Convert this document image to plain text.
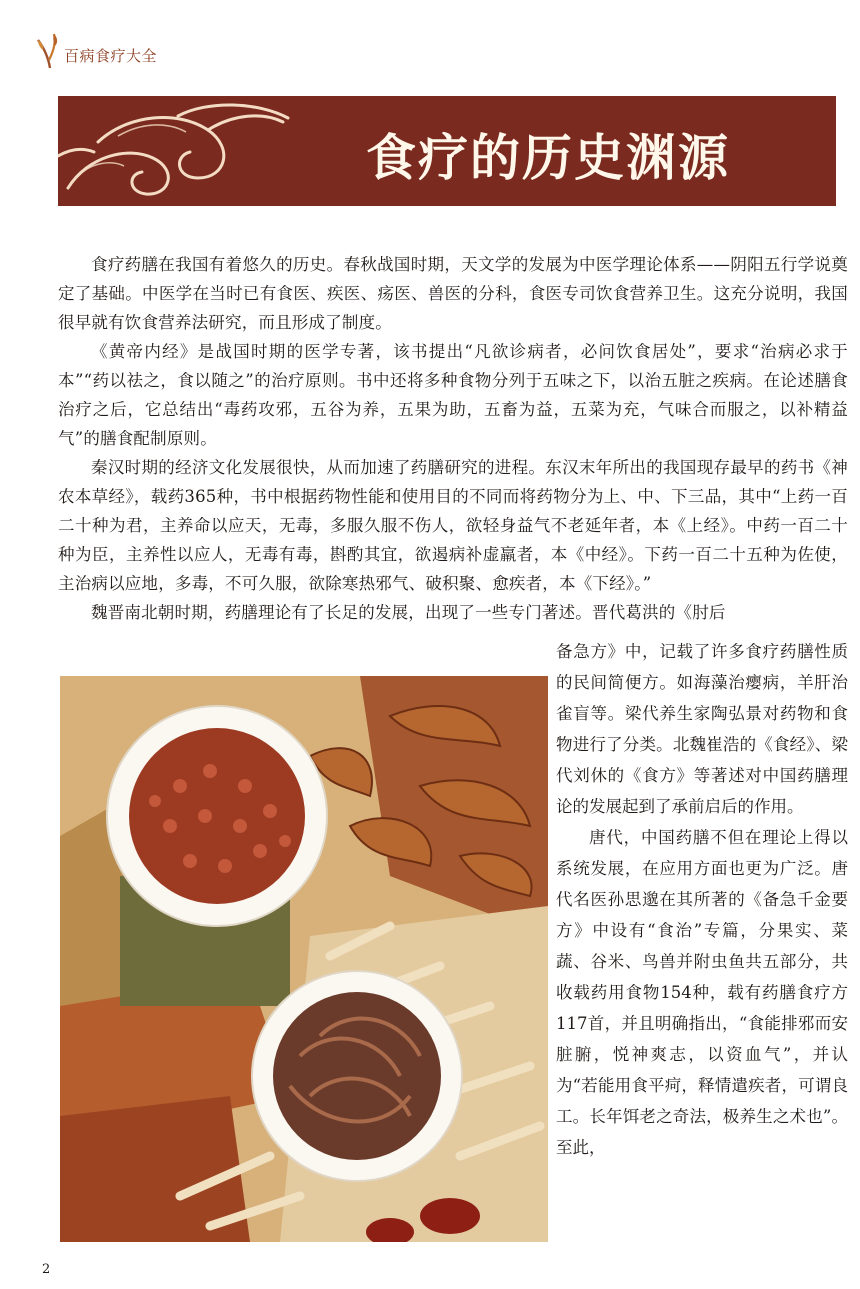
百病食疗大全
食疗的历史渊源

食疗药膳在我国有着悠久的历史。春秋战国时期，天文学的发展为中医学理论体系——阴阳五行学说奠定了基础。中医学在当时已有食医、疾医、疡医、兽医的分科，食医专司饮食营养卫生。这充分说明，我国很早就有饮食营养法研究，而且形成了制度。

《黄帝内经》是战国时期的医学专著，该书提出“凡欲诊病者，必问饮食居处”，要求“治病必求于本”“药以祛之，食以随之”的治疗原则。书中还将多种食物分列于五味之下，以治五脏之疾病。在论述膳食治疗之后，它总结出“毒药攻邪，五谷为养，五果为助，五畜为益，五菜为充，气味合而服之，以补精益气”的膳食配制原则。

秦汉时期的经济文化发展很快，从而加速了药膳研究的进程。东汉末年所出的我国现存最早的药书《神农本草经》，载药365种，书中根据药物性能和使用目的不同而将药物分为上、中、下三品，其中“上药一百二十种为君，主养命以应天，无毒，多服久服不伤人，欲轻身益气不老延年者，本《上经》。中药一百二十种为臣，主养性以应人，无毒有毒，斟酌其宜，欲遏病补虚羸者，本《中经》。下药一百二十五种为佐使，主治病以应地，多毒，不可久服，欲除寒热邪气、破积聚、愈疾者，本《下经》。”

魏晋南北朝时期，药膳理论有了长足的发展，出现了一些专门著述。晋代葛洪的《肘后

备急方》中，记载了许多食疗药膳性质的民间简便方。如海藻治瘿病，羊肝治雀盲等。梁代养生家陶弘景对药物和食物进行了分类。北魏崔浩的《食经》、梁代刘休的《食方》等著述对中国药膳理论的发展起到了承前启后的作用。

唐代，中国药膳不但在理论上得以系统发展，在应用方面也更为广泛。唐代名医孙思邈在其所著的《备急千金要方》中设有“食治”专篇，分果实、菜蔬、谷米、鸟兽并附虫鱼共五部分，共收载药用食物154种，载有药膳食疗方117首，并且明确指出，“食能排邪而安脏腑，悦神爽志，以资血气”，并认为“若能用食平疴，释情遣疾者，可谓良工。长年饵老之奇法，极养生之术也”。至此，

2
